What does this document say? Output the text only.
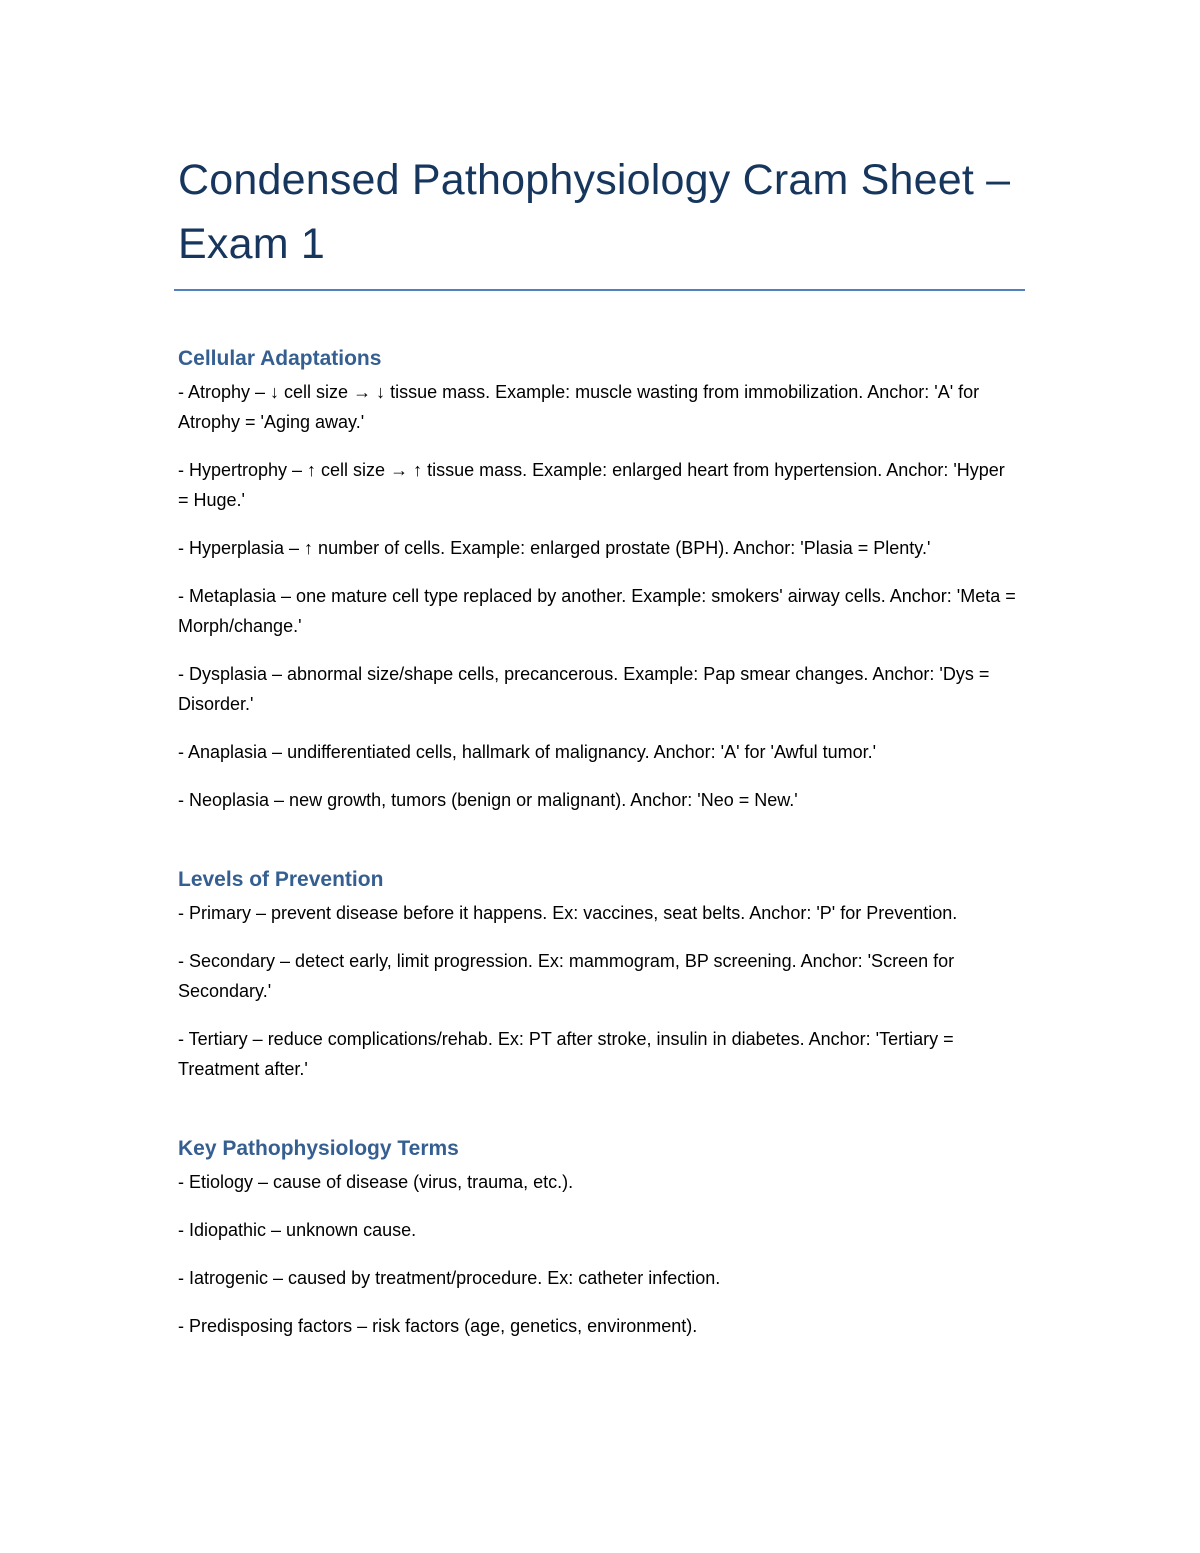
Condensed Pathophysiology Cram Sheet – Exam 1
Cellular Adaptations

- Atrophy – ↓ cell size → ↓ tissue mass. Example: muscle wasting from immobilization. Anchor: 'A' for Atrophy = 'Aging away.'

- Hypertrophy – ↑ cell size → ↑ tissue mass. Example: enlarged heart from hypertension. Anchor: 'Hyper = Huge.'

- Hyperplasia – ↑ number of cells. Example: enlarged prostate (BPH). Anchor: 'Plasia = Plenty.'

- Metaplasia – one mature cell type replaced by another. Example: smokers' airway cells. Anchor: 'Meta = Morph/change.'

- Dysplasia – abnormal size/shape cells, precancerous. Example: Pap smear changes. Anchor: 'Dys = Disorder.'

- Anaplasia – undifferentiated cells, hallmark of malignancy. Anchor: 'A' for 'Awful tumor.'

- Neoplasia – new growth, tumors (benign or malignant). Anchor: 'Neo = New.'

Levels of Prevention

- Primary – prevent disease before it happens. Ex: vaccines, seat belts. Anchor: 'P' for Prevention.

- Secondary – detect early, limit progression. Ex: mammogram, BP screening. Anchor: 'Screen for Secondary.'

- Tertiary – reduce complications/rehab. Ex: PT after stroke, insulin in diabetes. Anchor: 'Tertiary = Treatment after.'

Key Pathophysiology Terms

- Etiology – cause of disease (virus, trauma, etc.).

- Idiopathic – unknown cause.

- Iatrogenic – caused by treatment/procedure. Ex: catheter infection.

- Predisposing factors – risk factors (age, genetics, environment).
